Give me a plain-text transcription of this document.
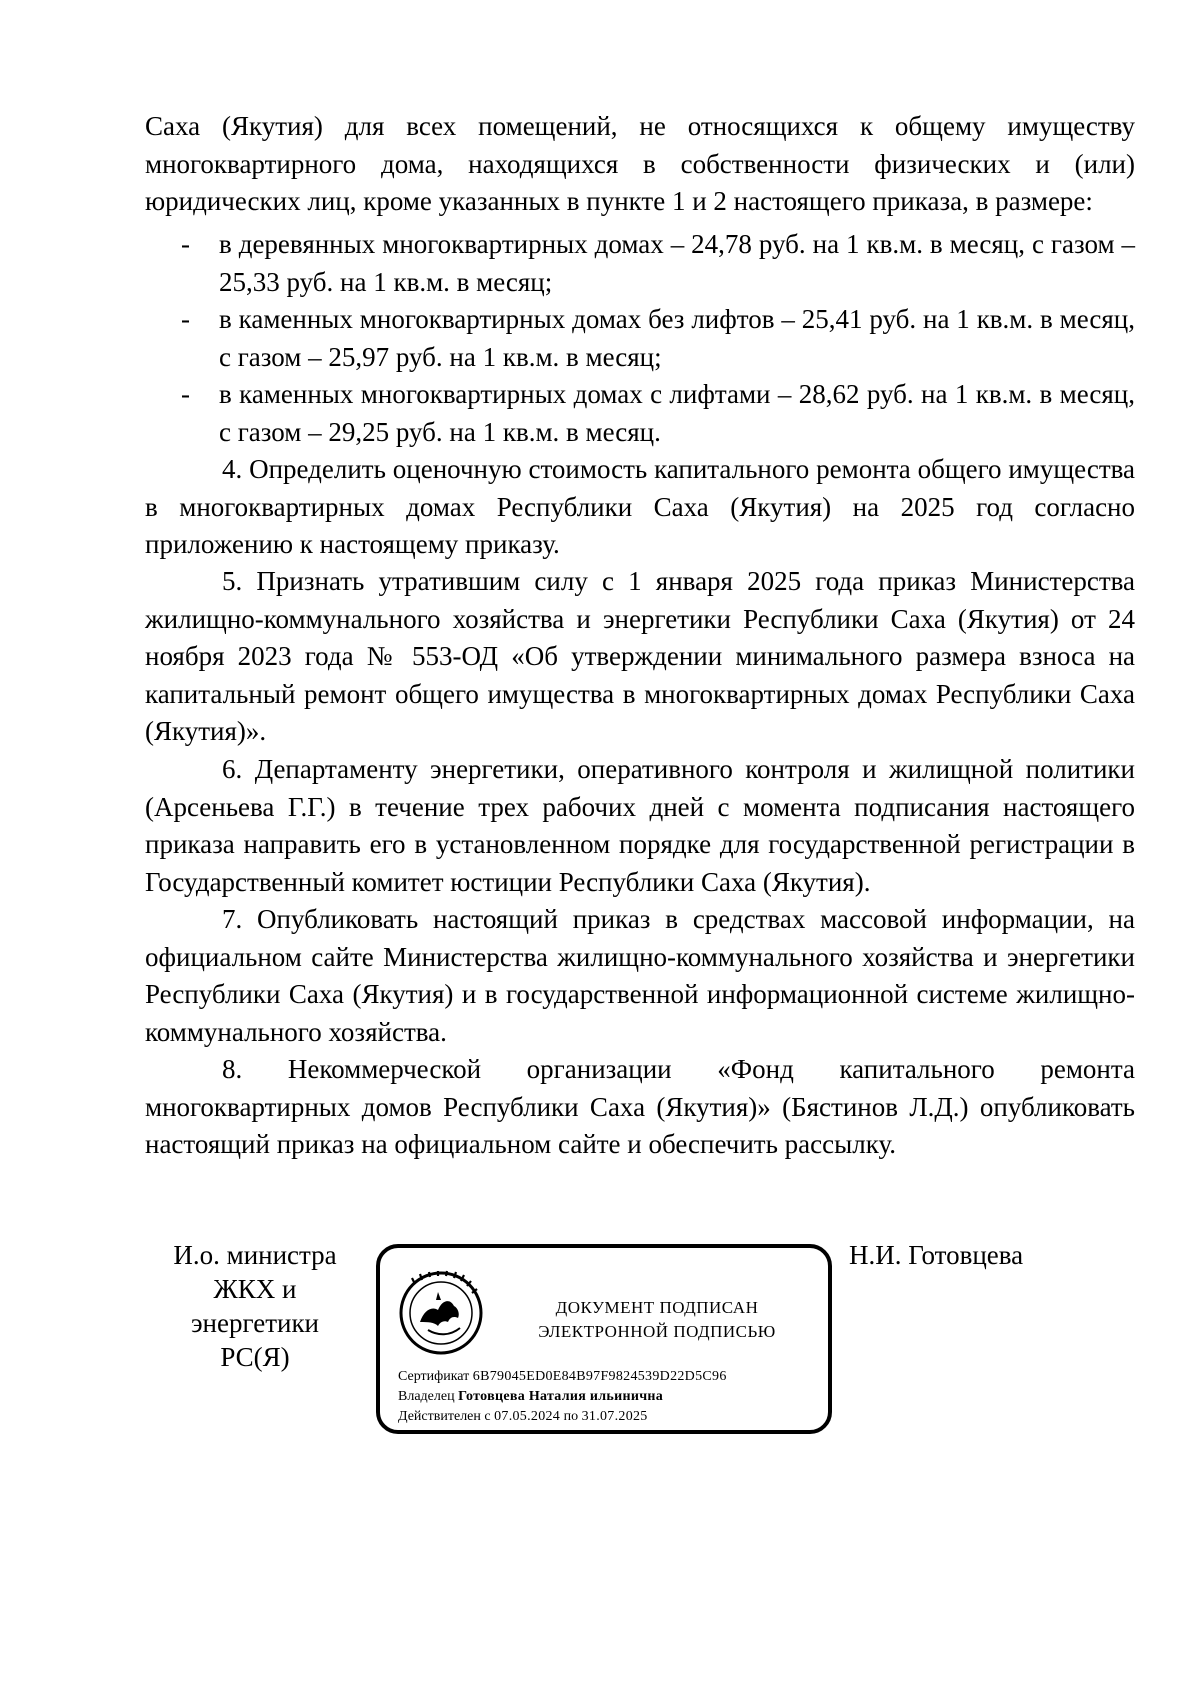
Саха (Якутия) для всех помещений, не относящихся к общему имуществу многоквартирного дома, находящихся в собственности физических и (или) юридических лиц, кроме указанных в пункте 1 и 2 настоящего приказа, в размере:

- в деревянных многоквартирных домах – 24,78 руб. на 1 кв.м. в месяц, с газом – 25,33 руб. на 1 кв.м. в месяц;
- в каменных многоквартирных домах без лифтов – 25,41 руб. на 1 кв.м. в месяц, с газом – 25,97 руб. на 1 кв.м. в месяц;
- в каменных многоквартирных домах с лифтами – 28,62 руб. на 1 кв.м. в месяц, с газом – 29,25 руб. на 1 кв.м. в месяц.

4. Определить оценочную стоимость капитального ремонта общего имущества в многоквартирных домах Республики Саха (Якутия) на 2025 год согласно приложению к настоящему приказу.

5. Признать утратившим силу с 1 января 2025 года приказ Министерства жилищно-коммунального хозяйства и энергетики Республики Саха (Якутия) от 24 ноября 2023 года № 553-ОД «Об утверждении минимального размера взноса на капитальный ремонт общего имущества в многоквартирных домах Республики Саха (Якутия)».

6. Департаменту энергетики, оперативного контроля и жилищной политики (Арсеньева Г.Г.) в течение трех рабочих дней с момента подписания настоящего приказа направить его в установленном порядке для государственной регистрации в Государственный комитет юстиции Республики Саха (Якутия).

7. Опубликовать настоящий приказ в средствах массовой информации, на официальном сайте Министерства жилищно-коммунального хозяйства и энергетики Республики Саха (Якутия) и в государственной информационной системе жилищно-коммунального хозяйства.

8. Некоммерческой организации «Фонд капитального ремонта многоквартирных домов Республики Саха (Якутия)» (Бястинов Л.Д.) опубликовать настоящий приказ на официальном сайте и обеспечить рассылку.

И.о. министра
ЖКХ и
энергетики
РС(Я)
Н.И. Готовцева
ДОКУМЕНТ ПОДПИСАН
ЭЛЕКТРОННОЙ ПОДПИСЬЮ
Сертификат 6B79045ED0E84B97F9824539D22D5C96
Владелец Готовцева Наталия ильинична
Действителен с 07.05.2024 по 31.07.2025
